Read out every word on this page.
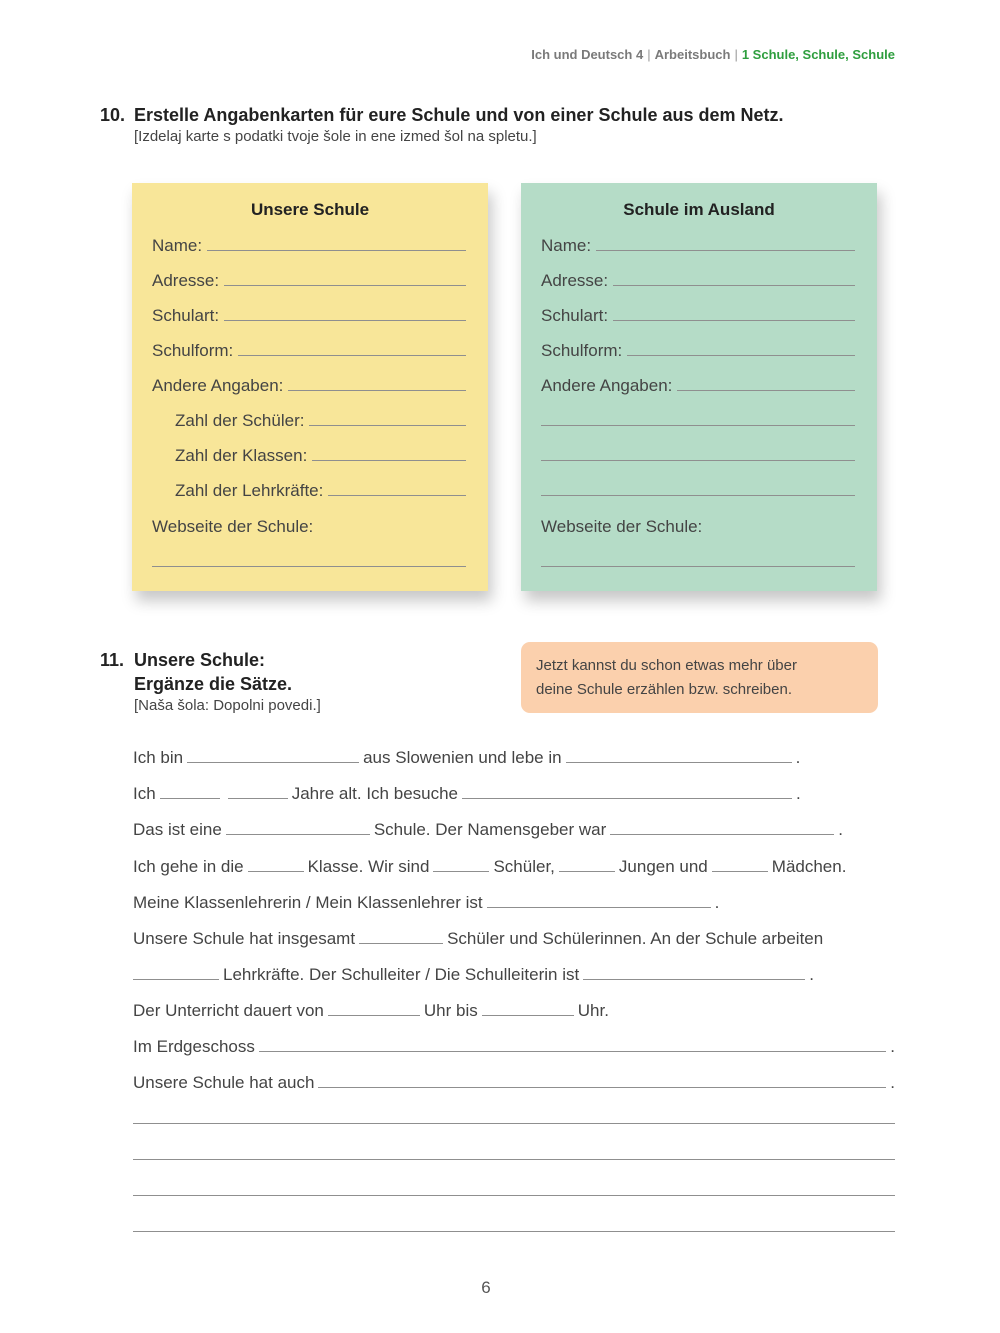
Ich und Deutsch 4 | Arbeitsbuch | 1 Schule, Schule, Schule
10. Erstelle Angabenkarten für eure Schule und von einer Schule aus dem Netz.
[Izdelaj karte s podatki tvoje šole in ene izmed šol na spletu.]
Unsere Schule
Name:
Adresse:
Schulart:
Schulform:
Andere Angaben:
Zahl der Schüler:
Zahl der Klassen:
Zahl der Lehrkräfte:
Webseite der Schule:
Schule im Ausland
Name:
Adresse:
Schulart:
Schulform:
Andere Angaben:
Webseite der Schule:
11. Unsere Schule:
Ergänze die Sätze.
[Naša šola: Dopolni povedi.]
Jetzt kannst du schon etwas mehr über
deine Schule erzählen bzw. schreiben.
Ich bin	aus Slowenien und lebe in	.
Ich	Jahre alt. Ich besuche	.
Das ist eine	Schule. Der Namensgeber war	.
Ich gehe in die	Klasse. Wir sind	Schüler,	Jungen und	Mädchen.
Meine Klassenlehrerin / Mein Klassenlehrer ist	.
Unsere Schule hat insgesamt	Schüler und Schülerinnen. An der Schule arbeiten
Lehrkräfte. Der Schulleiter / Die Schulleiterin ist	.
Der Unterricht dauert von	Uhr bis	Uhr.
Im Erdgeschoss	.
Unsere Schule hat auch	.
6
